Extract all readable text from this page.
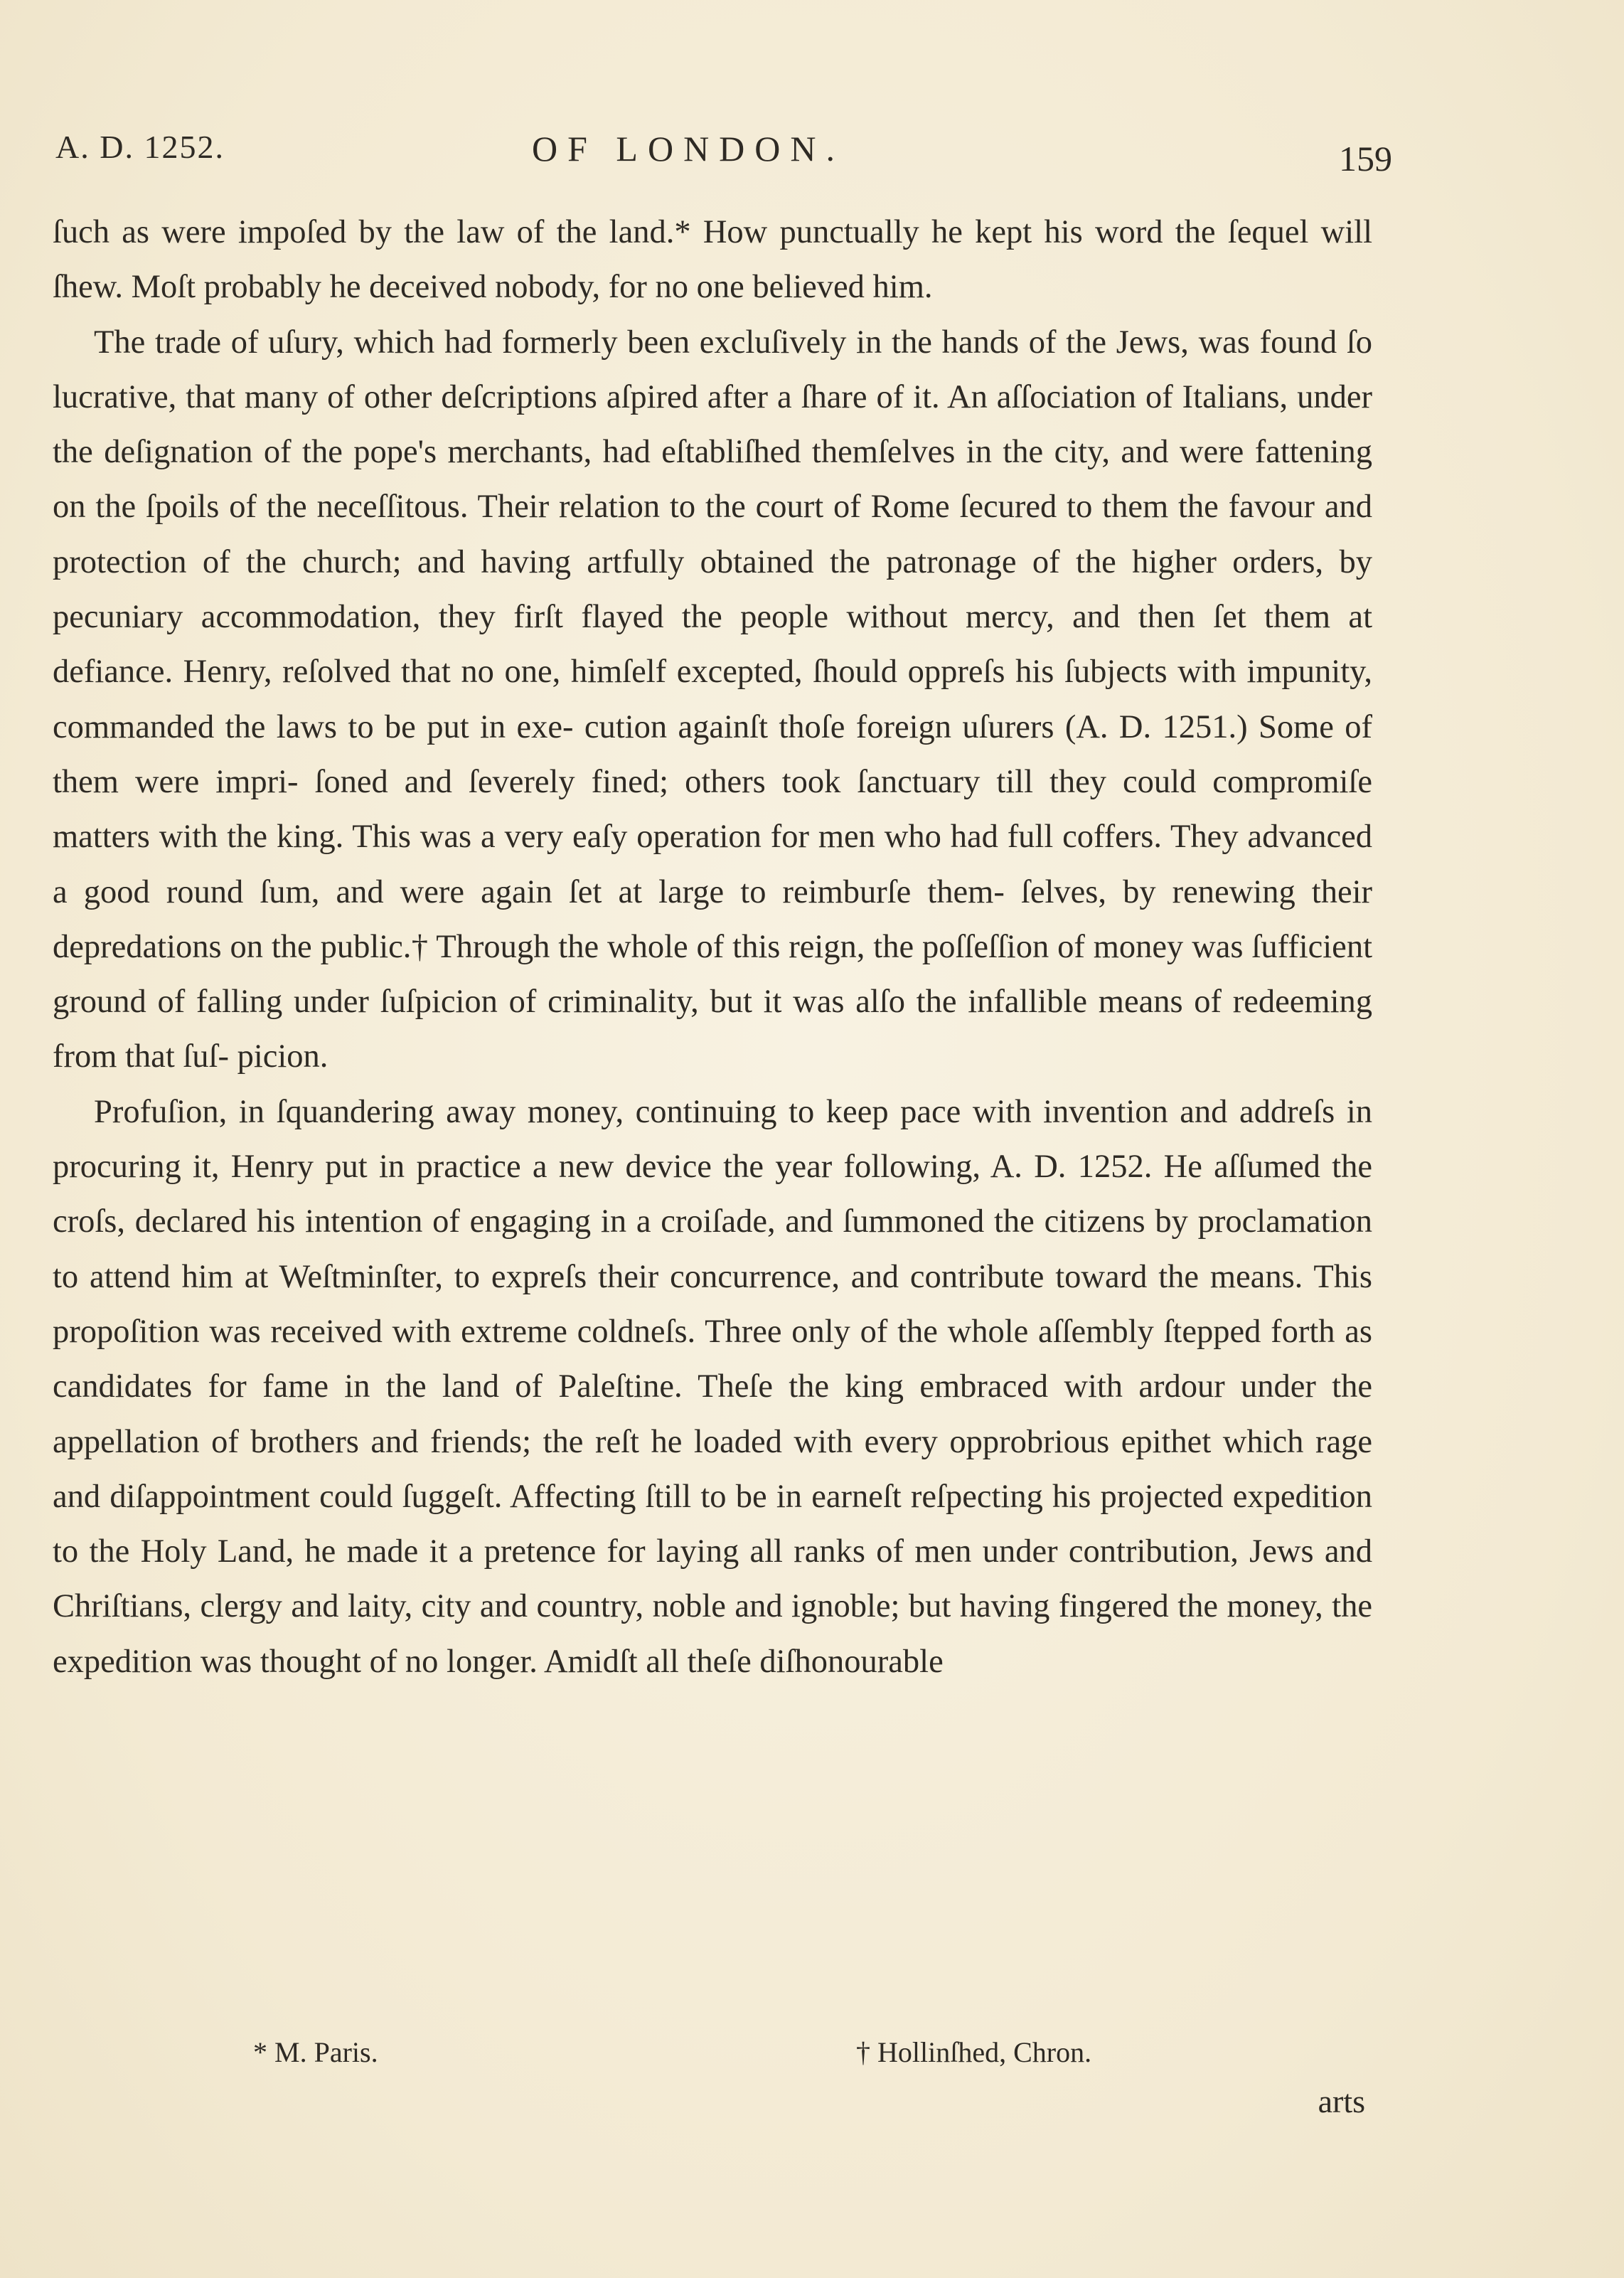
A. D. 1252.	OF LONDON.	159

ſuch as were impoſed by the law of the land.* How punctually he kept his word the ſequel will ſhew. Moſt probably he deceived nobody, for no one believed him.

The trade of uſury, which had formerly been excluſively in the hands of the Jews, was found ſo lucrative, that many of other deſcriptions aſpired after a ſhare of it. An aſſociation of Italians, under the deſignation of the pope's merchants, had eſtabliſhed themſelves in the city, and were fattening on the ſpoils of the neceſſitous. Their relation to the court of Rome ſecured to them the favour and protection of the church; and having artfully obtained the patronage of the higher orders, by pecuniary accommodation, they firſt flayed the people without mercy, and then ſet them at defiance. Henry, reſolved that no one, himſelf excepted, ſhould oppreſs his ſubjects with impunity, commanded the laws to be put in exe- cution againſt thoſe foreign uſurers (A. D. 1251.) Some of them were impri- ſoned and ſeverely fined; others took ſanctuary till they could compromiſe matters with the king. This was a very eaſy operation for men who had full coffers. They advanced a good round ſum, and were again ſet at large to reimburſe them- ſelves, by renewing their depredations on the public.† Through the whole of this reign, the poſſeſſion of money was ſufficient ground of falling under ſuſpicion of criminality, but it was alſo the infallible means of redeeming from that ſuſ- picion.

Profuſion, in ſquandering away money, continuing to keep pace with invention and addreſs in procuring it, Henry put in practice a new device the year following, A. D. 1252. He aſſumed the croſs, declared his intention of engaging in a croiſade, and ſummoned the citizens by proclamation to attend him at Weſtminſter, to expreſs their concurrence, and contribute toward the means. This propoſition was received with extreme coldneſs. Three only of the whole aſſembly ſtepped forth as candidates for fame in the land of Paleſtine. Theſe the king embraced with ardour under the appellation of brothers and friends; the reſt he loaded with every opprobrious epithet which rage and diſappointment could ſuggeſt. Affecting ſtill to be in earneſt reſpecting his projected expedition to the Holy Land, he made it a pretence for laying all ranks of men under contribution, Jews and Chriſtians, clergy and laity, city and country, noble and ignoble; but having fingered the money, the expedition was thought of no longer. Amidſt all theſe diſhonourable

* M. Paris.	† Hollinſhed, Chron.
arts
